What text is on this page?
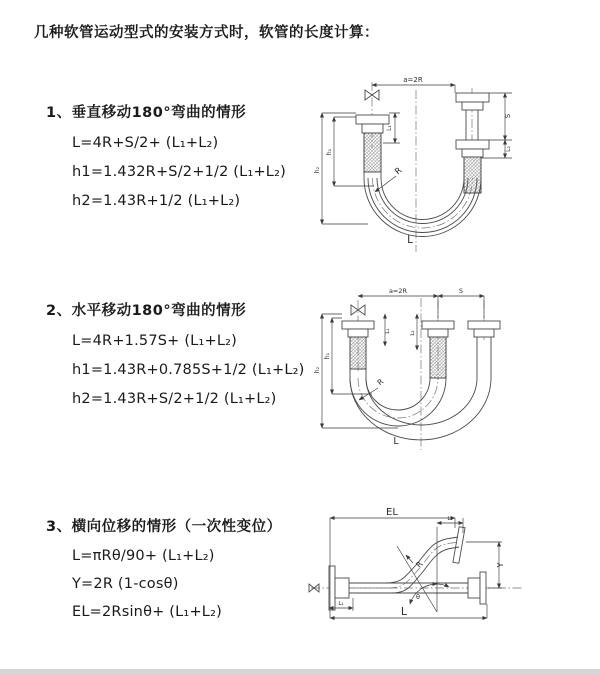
几种软管运动型式的安装方式时，软管的长度计算：

1、垂直移动180°弯曲的情形

L=4R+S/2+ (L₁+L₂)

h1=1.432R+S/2+1/2 (L₁+L₂)

h2=1.43R+1/2 (L₁+L₂)

2、水平移动180°弯曲的情形

L=4R+1.57S+ (L₁+L₂)

h1=1.43R+0.785S+1/2 (L₁+L₂)

h2=1.43R+S/2+1/2 (L₁+L₂)

3、横向位移的情形（一次性变位）

L=πRθ/90+ (L₁+L₂)

Y=2R (1-cosθ)

EL=2Rsinθ+ (L₁+L₂)

a=2R
L₁
S
L₂
h₁
h₂	R
L
a=2R	S
L₁	L₂
h₁
h₂
R
L
EL
L₂
Y
R
θ
L
L₁
